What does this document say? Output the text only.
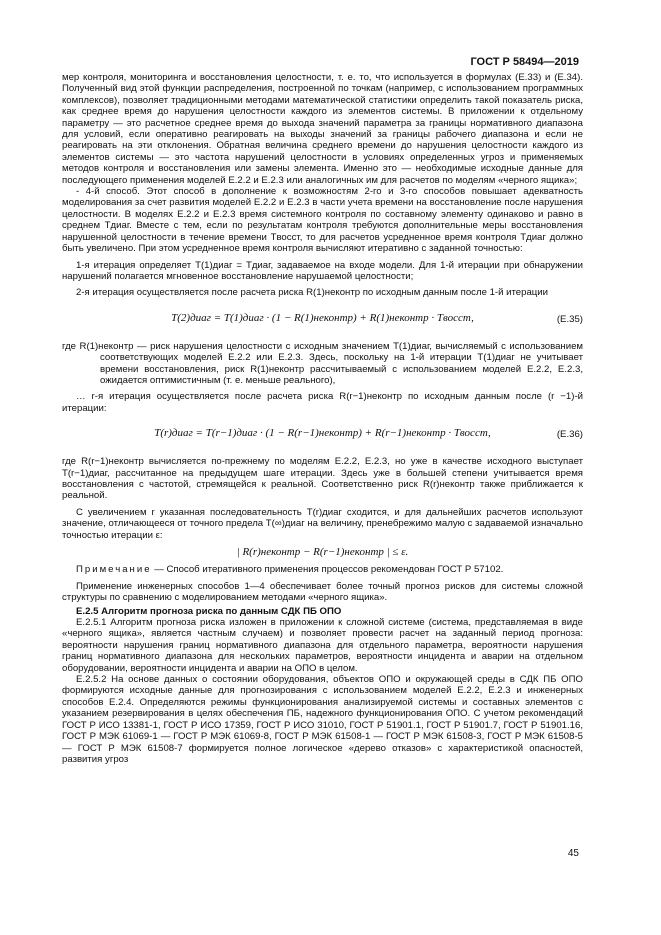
ГОСТ Р 58494—2019

мер контроля, мониторинга и восстановления целостности, т. е. то, что используется в формулах (Е.33) и (Е.34). Полученный вид этой функции распределения, построенной по точкам (например, с использованием программных комплексов), позволяет традиционными методами математической статистики определить такой показатель риска, как среднее время до нарушения целостности каждого из элементов системы. В приложении к отдельному параметру — это расчетное среднее время до выхода значений параметра за границы нормативного диапазона для условий, если оперативно реагировать на выходы значений за границы рабочего диапазона и если не реагировать на эти отклонения. Обратная величина среднего времени до нарушения целостности каждого из элементов системы — это частота нарушений целостности в условиях определенных угроз и применяемых методов контроля и восстановления или замены элемента. Именно это — необходимые исходные данные для последующего применения моделей Е.2.2 и Е.2.3 или аналогичных им для расчетов по моделям «черного ящика»;

- 4-й способ. Этот способ в дополнение к возможностям 2-го и 3-го способов повышает адекватность моделирования за счет развития моделей Е.2.2 и Е.2.3 в части учета времени на восстановление после нарушения целостности. В моделях Е.2.2 и Е.2.3 время системного контроля по составному элементу одинаково и равно в среднем Tдиаг. Вместе с тем, если по результатам контроля требуются дополнительные меры восстановления нарушенной целостности в течение времени Tвосст, то для расчетов усредненное время контроля Tдиаг должно быть увеличено. При этом усредненное время контроля вычисляют итеративно с заданной точностью:

1-я итерация определяет T(1)диаг = Tдиаг, задаваемое на входе модели. Для 1-й итерации при обнаружении нарушений полагается мгновенное восстановление нарушаемой целостности;

2-я итерация осуществляется после расчета риска R(1)неконтр по исходным данным после 1-й итерации

T(2)диаг = T(1)диаг · (1 − R(1)неконтр) + R(1)неконтр · Tвосст,	(Е.35)

где R(1)неконтр — риск нарушения целостности с исходным значением T(1)диаг, вычисляемый с использованием соответствующих моделей Е.2.2 или Е.2.3. Здесь, поскольку на 1-й итерации T(1)диаг не учитывает времени восстановления, риск R(1)неконтр рассчитываемый с использованием моделей Е.2.2, Е.2.3, ожидается оптимистичным (т. е. меньше реального),

… r-я итерация осуществляется после расчета риска R(r−1)неконтр по исходным данным после (r −1)-й итерации:

T(r)диаг = T(r−1)диаг · (1 − R(r−1)неконтр) + R(r−1)неконтр · Tвосст,	(Е.36)

где R(r−1)неконтр вычисляется по-прежнему по моделям Е.2.2, Е.2.3, но уже в качестве исходного выступает T(r−1)диаг, рассчитанное на предыдущем шаге итерации. Здесь уже в большей степени учитывается время восстановления с частотой, стремящейся к реальной. Соответственно риск R(r)неконтр также приближается к реальной.

С увеличением r указанная последовательность T(r)диаг сходится, и для дальнейших расчетов используют значение, отличающееся от точного предела T(∞)диаг на величину, пренебрежимо малую с задаваемой изначально точностью итерации ε:

| R(r)неконтр − R(r−1)неконтр | ≤ ε.

Примечание — Способ итеративного применения процессов рекомендован ГОСТ Р 57102.

Применение инженерных способов 1—4 обеспечивает более точный прогноз рисков для системы сложной структуры по сравнению с моделированием методами «черного ящика».

Е.2.5 Алгоритм прогноза риска по данным СДК ПБ ОПО

Е.2.5.1 Алгоритм прогноза риска изложен в приложении к сложной системе (система, представляемая в виде «черного ящика», является частным случаем) и позволяет провести расчет на заданный период прогноза: вероятности нарушения границ нормативного диапазона для отдельного параметра, вероятности нарушения границ нормативного диапазона для нескольких параметров, вероятности инцидента и аварии на отдельном оборудовании, вероятности инцидента и аварии на ОПО в целом.

Е.2.5.2 На основе данных о состоянии оборудования, объектов ОПО и окружающей среды в СДК ПБ ОПО формируются исходные данные для прогнозирования с использованием моделей Е.2.2, Е.2.3 и инженерных способов Е.2.4. Определяются режимы функционирования анализируемой системы и составных элементов с указанием резервирования в целях обеспечения ПБ, надежного функционирования ОПО. С учетом рекомендаций ГОСТ Р ИСО 13381-1, ГОСТ Р ИСО 17359, ГОСТ Р ИСО 31010, ГОСТ Р 51901.1, ГОСТ Р 51901.7, ГОСТ Р 51901.16, ГОСТ Р МЭК 61069-1 — ГОСТ Р МЭК 61069-8, ГОСТ Р МЭК 61508-1 — ГОСТ Р МЭК 61508-3, ГОСТ Р МЭК 61508-5— ГОСТ Р МЭК 61508-7 формируется полное логическое «дерево отказов» с характеристикой опасностей, развития угроз

45
